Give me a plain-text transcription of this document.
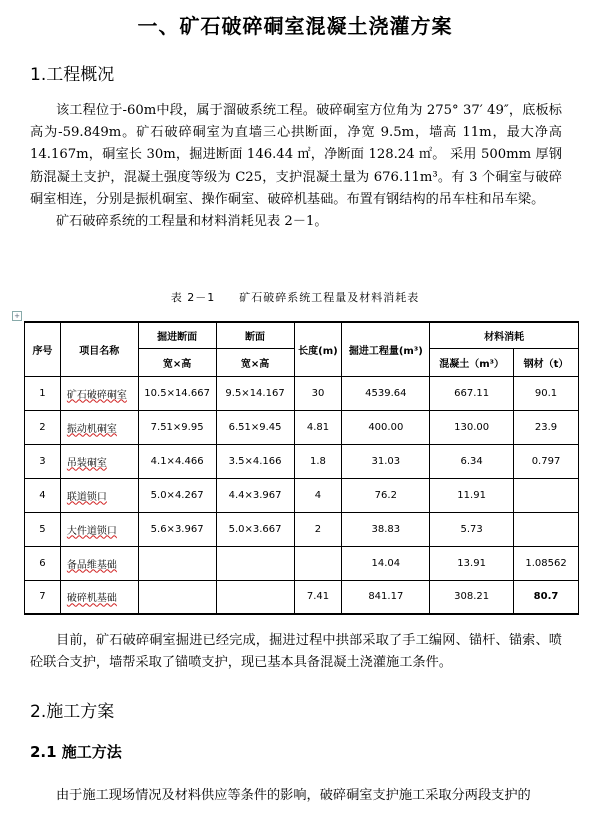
一、矿石破碎硐室混凝土浇灌方案
1.工程概况

该工程位于-60m中段，属于溜破系统工程。破碎硐室方位角为 275° 37′ 49″，底板标高为-59.849m。矿石破碎硐室为直墙三心拱断面，净宽 9.5m，墙高 11m，最大净高 14.167m，硐室长 30m，掘进断面 146.44 ㎡，净断面 128.24 ㎡。 采用 500mm 厚钢筋混凝土支护，混凝土强度等级为 C25，支护混凝土量为 676.11m³。有 3 个硐室与破碎硐室相连，分别是振机硐室、操作硐室、破碎机基础。布置有钢结构的吊车柱和吊车梁。

矿石破碎系统的工程量和材料消耗见表 2－1。

表 2－1　　矿石破碎系统工程量及材料消耗表
+
序号	项目名称	掘进断面	断面	长度(m)	掘进工程量(m³)	材料消耗	
		宽×高	宽×高			混凝土（m³）	钢材（t）
1	矿石破碎硐室	10.5×14.667	9.5×14.167	30	4539.64	667.11	90.1
2	振动机硐室	7.51×9.95	6.51×9.45	4.81	400.00	130.00	23.9
3	吊装硐室	4.1×4.466	3.5×4.166	1.8	31.03	6.34	0.797
4	联道锁口	5.0×4.267	4.4×3.967	4	76.2	11.91	
5	大件道锁口	5.6×3.967	5.0×3.667	2	38.83	5.73	
6	备品维基础				14.04	13.91	1.08562
7	破碎机基础			7.41	841.17	308.21	80.7

目前，矿石破碎硐室掘进已经完成，掘进过程中拱部采取了手工编网、锚杆、锚索、喷砼联合支护，墙帮采取了锚喷支护，现已基本具备混凝土浇灌施工条件。

2.施工方案
2.1 施工方法

由于施工现场情况及材料供应等条件的影响，破碎硐室支护施工采取分两段支护的
